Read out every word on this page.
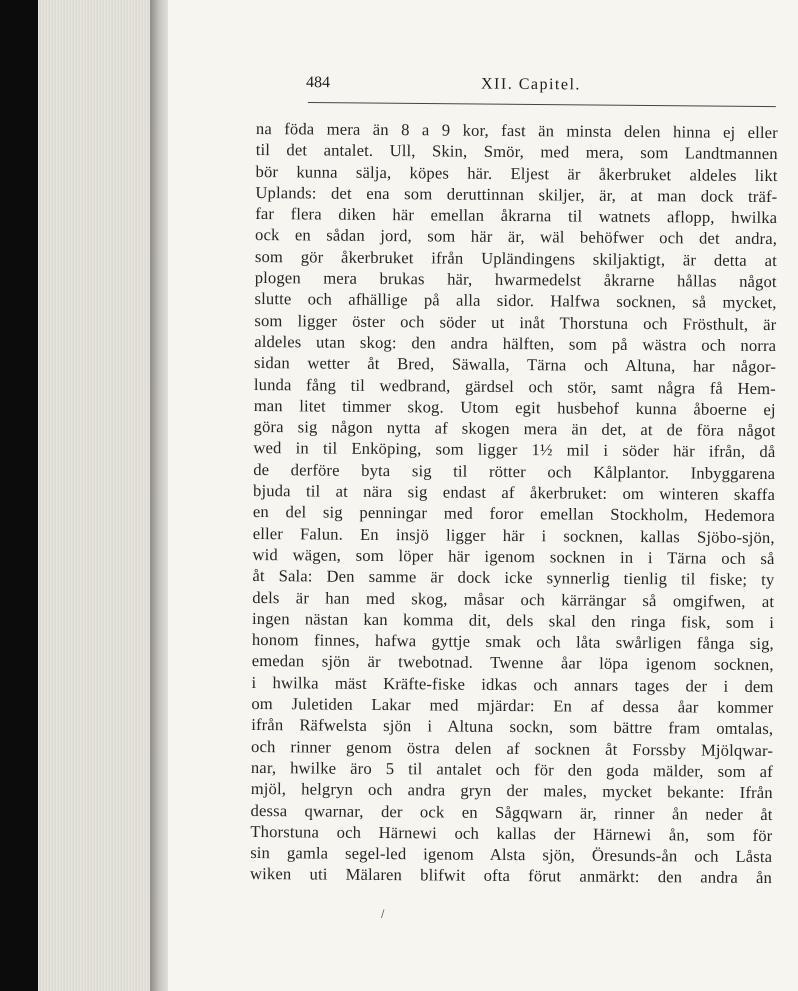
484	XII. Capitel.
na föda mera än 8 a 9 kor, fast än minsta delen hinna ej eller
til det antalet. Ull, Skin, Smör, med mera, som Landtmannen
bör kunna sälja, köpes här. Eljest är åkerbruket aldeles likt
Uplands: det ena som deruttinnan skiljer, är, at man dock träf-
far flera diken här emellan åkrarna til watnets aflopp, hwilka
ock en sådan jord, som här är, wäl behöfwer och det andra,
som gör åkerbruket ifrån Upländingens skiljaktigt, är detta at
plogen mera brukas här, hwarmedelst åkrarne hållas något
slutte och afhällige på alla sidor. Halfwa socknen, så mycket,
som ligger öster och söder ut inåt Thorstuna och Frösthult, är
aldeles utan skog: den andra hälften, som på wästra och norra
sidan wetter åt Bred, Säwalla, Tärna och Altuna, har någor-
lunda fång til wedbrand, gärdsel och stör, samt några få Hem-
man litet timmer skog. Utom egit husbehof kunna åboerne ej
göra sig någon nytta af skogen mera än det, at de föra något
wed in til Enköping, som ligger 1½ mil i söder här ifrån, då
de derföre byta sig til rötter och Kålplantor. Inbyggarena
bjuda til at nära sig endast af åkerbruket: om winteren skaffa
en del sig penningar med foror emellan Stockholm, Hedemora
eller Falun. En insjö ligger här i socknen, kallas Sjöbo-sjön,
wid wägen, som löper här igenom socknen in i Tärna och så
åt Sala: Den samme är dock icke synnerlig tienlig til fiske; ty
dels är han med skog, måsar och kärrängar så omgifwen, at
ingen nästan kan komma dit, dels skal den ringa fisk, som i
honom finnes, hafwa gyttje smak och låta swårligen fånga sig,
emedan sjön är twebotnad. Twenne åar löpa igenom socknen,
i hwilka mäst Kräfte-fiske idkas och annars tages der i dem
om Juletiden Lakar med mjärdar: En af dessa åar kommer
ifrån Räfwelsta sjön i Altuna sockn, som bättre fram omtalas,
och rinner genom östra delen af socknen åt Forssby Mjölqwar-
nar, hwilke äro 5 til antalet och för den goda mälder, som af
mjöl, helgryn och andra gryn der males, mycket bekante: Ifrån
dessa qwarnar, der ock en Sågqwarn är, rinner ån neder åt
Thorstuna och Härnewi och kallas der Härnewi ån, som för
sin gamla segel-led igenom Alsta sjön, Öresunds-ån och Låsta
wiken uti Mälaren blifwit ofta förut anmärkt: den andra ån
/
